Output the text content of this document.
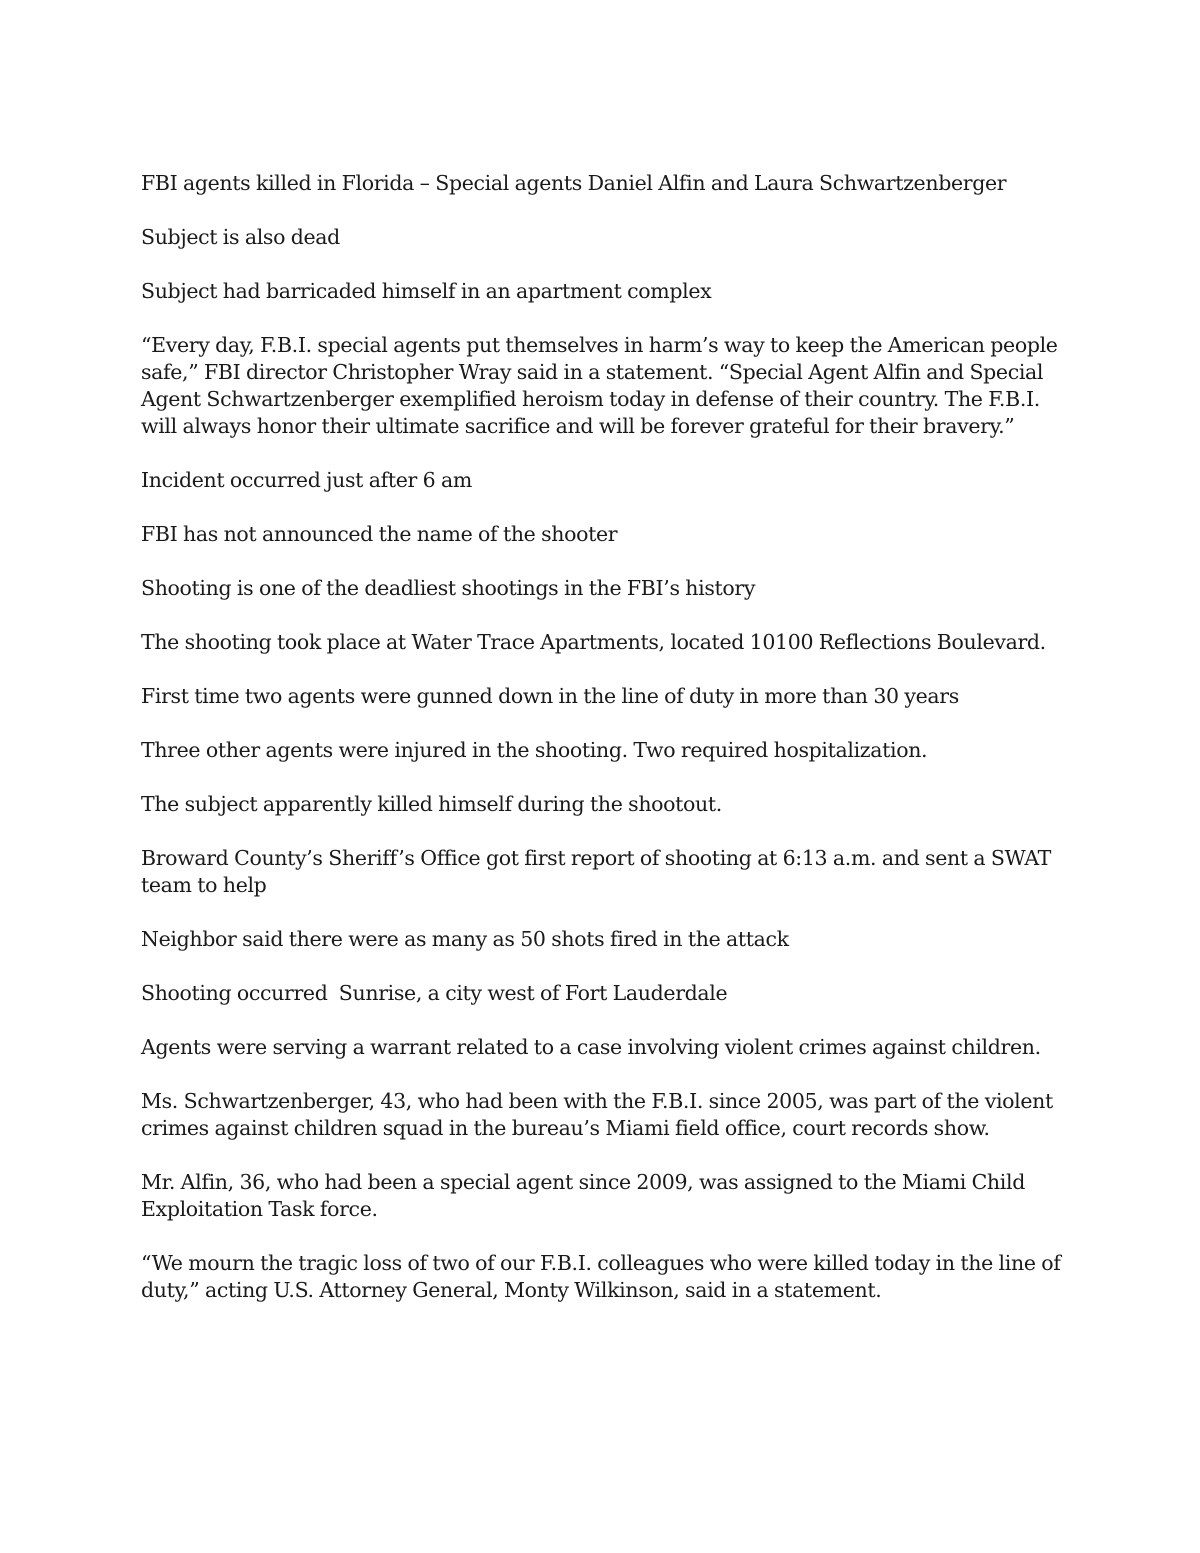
FBI agents killed in Florida – Special agents Daniel Alfin and Laura Schwartzenberger

Subject is also dead

Subject had barricaded himself in an apartment complex

“Every day, F.B.I. special agents put themselves in harm’s way to keep the American people safe,” FBI director Christopher Wray said in a statement. “Special Agent Alfin and Special Agent Schwartzenberger exemplified heroism today in defense of their country. The F.B.I. will always honor their ultimate sacrifice and will be forever grateful for their bravery.”

Incident occurred just after 6 am

FBI has not announced the name of the shooter

Shooting is one of the deadliest shootings in the FBI’s history

The shooting took place at Water Trace Apartments, located 10100 Reflections Boulevard.

First time two agents were gunned down in the line of duty in more than 30 years

Three other agents were injured in the shooting. Two required hospitalization.

The subject apparently killed himself during the shootout.

Broward County’s Sheriff’s Office got first report of shooting at 6:13 a.m. and sent a SWAT team to help

Neighbor said there were as many as 50 shots fired in the attack

Shooting occurred  Sunrise, a city west of Fort Lauderdale

Agents were serving a warrant related to a case involving violent crimes against children.

Ms. Schwartzenberger, 43, who had been with the F.B.I. since 2005, was part of the violent crimes against children squad in the bureau’s Miami field office, court records show.

Mr. Alfin, 36, who had been a special agent since 2009, was assigned to the Miami Child Exploitation Task force.

“We mourn the tragic loss of two of our F.B.I. colleagues who were killed today in the line of duty,” acting U.S. Attorney General, Monty Wilkinson, said in a statement.
